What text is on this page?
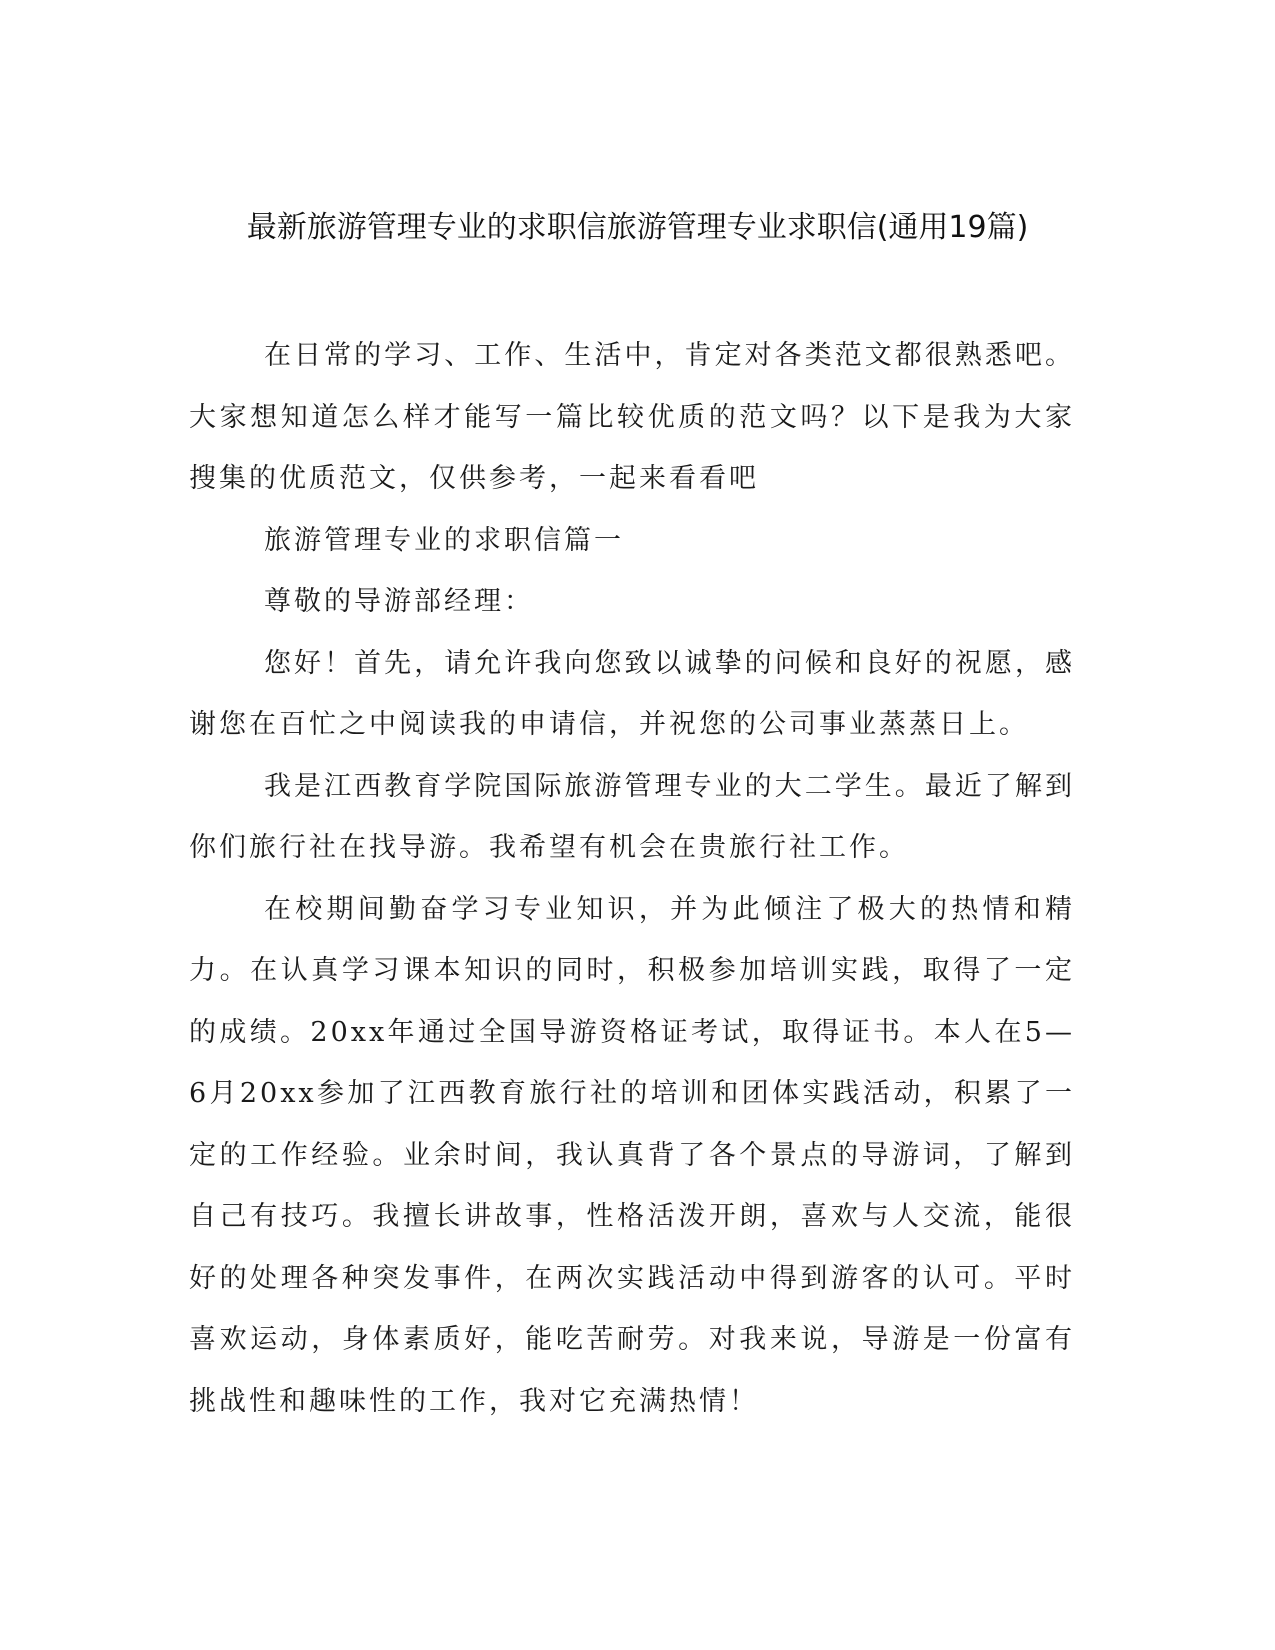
最新旅游管理专业的求职信旅游管理专业求职信(通用19篇)

在日常的学习、工作、生活中，肯定对各类范文都很熟悉吧。大家想知道怎么样才能写一篇比较优质的范文吗？以下是我为大家搜集的优质范文，仅供参考，一起来看看吧

旅游管理专业的求职信篇一

尊敬的导游部经理：

您好！首先，请允许我向您致以诚挚的问候和良好的祝愿，感谢您在百忙之中阅读我的申请信，并祝您的公司事业蒸蒸日上。

我是江西教育学院国际旅游管理专业的大二学生。最近了解到你们旅行社在找导游。我希望有机会在贵旅行社工作。

在校期间勤奋学习专业知识，并为此倾注了极大的热情和精力。在认真学习课本知识的同时，积极参加培训实践，取得了一定的成绩。20xx年通过全国导游资格证考试，取得证书。本人在5—6月20xx参加了江西教育旅行社的培训和团体实践活动，积累了一定的工作经验。业余时间，我认真背了各个景点的导游词，了解到自己有技巧。我擅长讲故事，性格活泼开朗，喜欢与人交流，能很好的处理各种突发事件，在两次实践活动中得到游客的认可。平时喜欢运动，身体素质好，能吃苦耐劳。对我来说，导游是一份富有挑战性和趣味性的工作，我对它充满热情！
